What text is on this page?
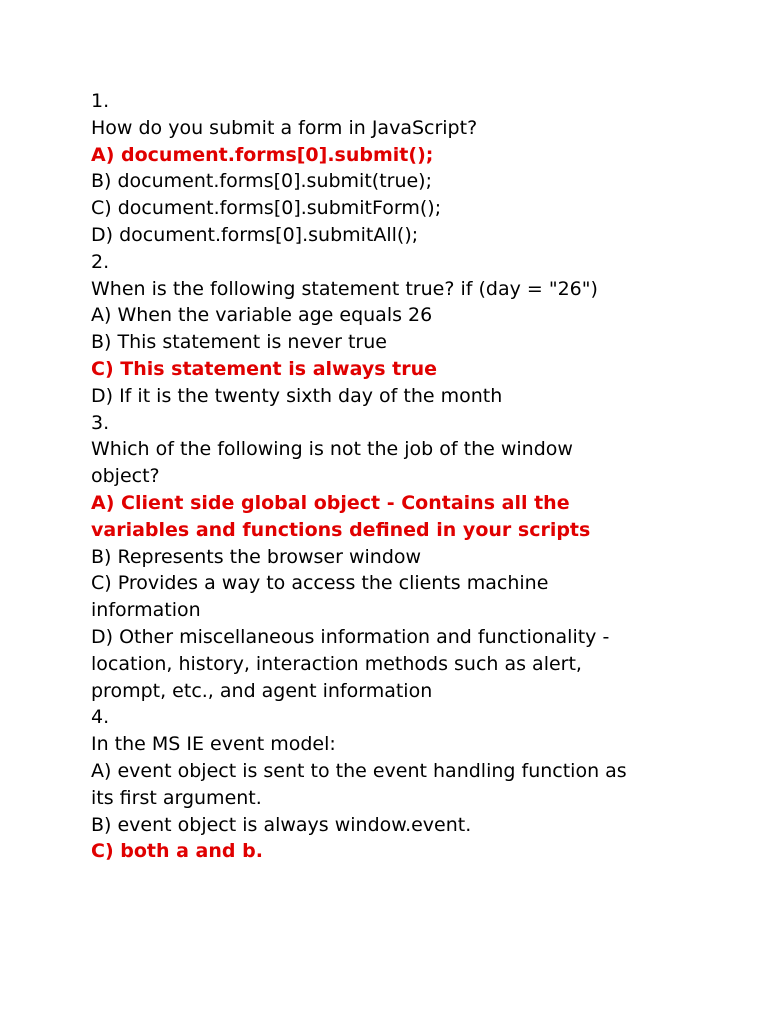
1.
How do you submit a form in JavaScript?
A) document.forms[0].submit();
B) document.forms[0].submit(true);
C) document.forms[0].submitForm();
D) document.forms[0].submitAll();
2.
When is the following statement true? if (day = "26")
A) When the variable age equals 26
B) This statement is never true
C) This statement is always true
D) If it is the twenty sixth day of the month
3.
Which of the following is not the job of the window
object?
A) Client side global object - Contains all the
variables and functions defined in your scripts
B) Represents the browser window
C) Provides a way to access the clients machine
information
D) Other miscellaneous information and functionality -
location, history, interaction methods such as alert,
prompt, etc., and agent information
4.
In the MS IE event model:
A) event object is sent to the event handling function as
its first argument.
B) event object is always window.event.
C) both a and b.
